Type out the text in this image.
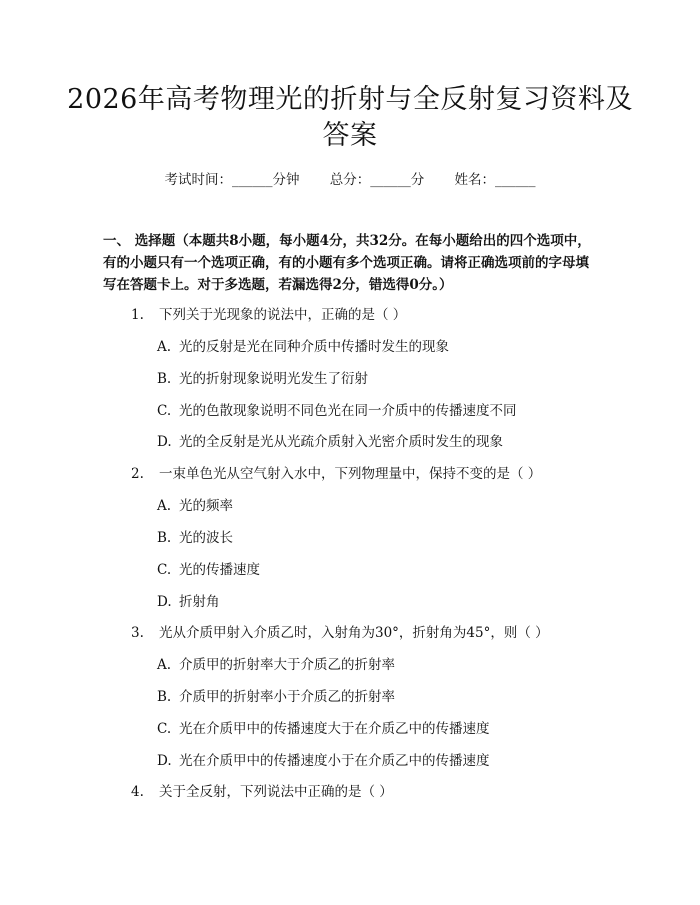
2026年高考物理光的折射与全反射复习资料及答案
考试时间：______分钟 总分：______分 姓名：______
一、 选择题（本题共8小题，每小题4分，共32分。在每小题给出的四个选项中，有的小题只有一个选项正确，有的小题有多个选项正确。请将正确选项前的字母填写在答题卡上。对于多选题，若漏选得2分，错选得0分。）
1. 下列关于光现象的说法中，正确的是（ ）
A. 光的反射是光在同种介质中传播时发生的现象
B. 光的折射现象说明光发生了衍射
C. 光的色散现象说明不同色光在同一介质中的传播速度不同
D. 光的全反射是光从光疏介质射入光密介质时发生的现象
2. 一束单色光从空气射入水中，下列物理量中，保持不变的是（ ）
A. 光的频率
B. 光的波长
C. 光的传播速度
D. 折射角
3. 光从介质甲射入介质乙时，入射角为30°，折射角为45°，则（ ）
A. 介质甲的折射率大于介质乙的折射率
B. 介质甲的折射率小于介质乙的折射率
C. 光在介质甲中的传播速度大于在介质乙中的传播速度
D. 光在介质甲中的传播速度小于在介质乙中的传播速度
4. 关于全反射，下列说法中正确的是（ ）
